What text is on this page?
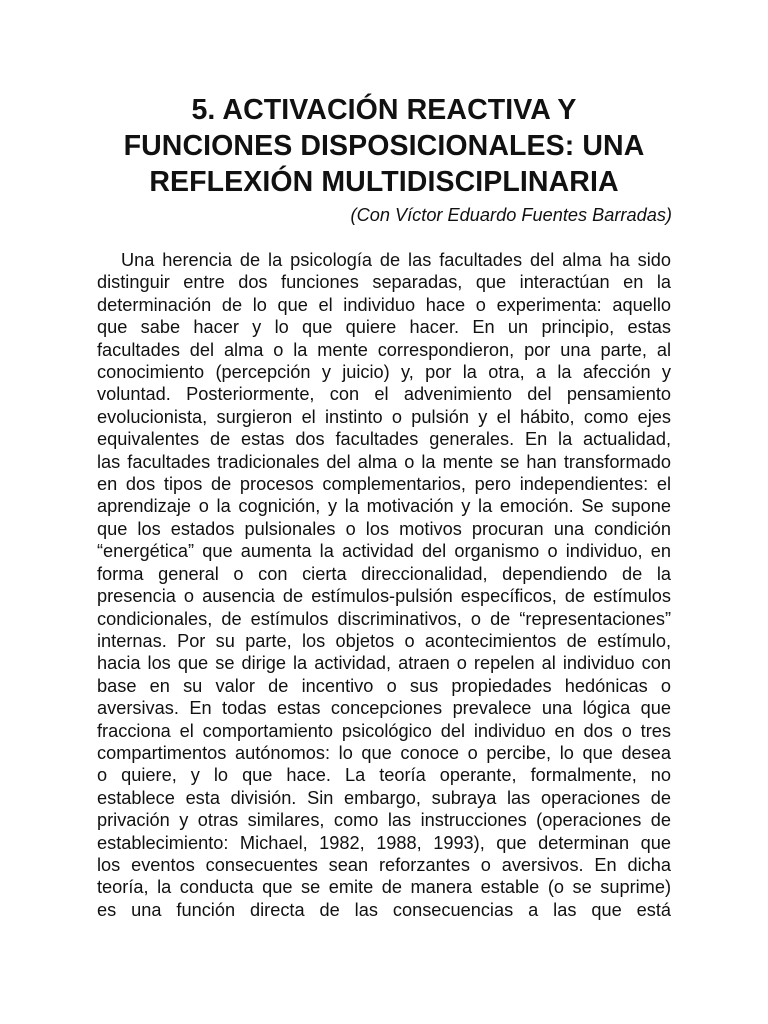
5. ACTIVACIÓN REACTIVA Y
FUNCIONES DISPOSICIONALES: UNA
REFLEXIÓN MULTIDISCIPLINARIA

(Con Víctor Eduardo Fuentes Barradas)

Una herencia de la psicología de las facultades del alma ha sido
distinguir entre dos funciones separadas, que interactúan en la
determinación de lo que el individuo hace o experimenta: aquello
que sabe hacer y lo que quiere hacer. En un principio, estas
facultades del alma o la mente correspondieron, por una parte, al
conocimiento (percepción y juicio) y, por la otra, a la afección y
voluntad. Posteriormente, con el advenimiento del pensamiento
evolucionista, surgieron el instinto o pulsión y el hábito, como ejes
equivalentes de estas dos facultades generales. En la actualidad,
las facultades tradicionales del alma o la mente se han transformado
en dos tipos de procesos complementarios, pero independientes: el
aprendizaje o la cognición, y la motivación y la emoción. Se supone
que los estados pulsionales o los motivos procuran una condición
“energética” que aumenta la actividad del organismo o individuo, en
forma general o con cierta direccionalidad, dependiendo de la
presencia o ausencia de estímulos-pulsión específicos, de estímulos
condicionales, de estímulos discriminativos, o de “representaciones”
internas. Por su parte, los objetos o acontecimientos de estímulo,
hacia los que se dirige la actividad, atraen o repelen al individuo con
base en su valor de incentivo o sus propiedades hedónicas o
aversivas. En todas estas concepciones prevalece una lógica que
fracciona el comportamiento psicológico del individuo en dos o tres
compartimentos autónomos: lo que conoce o percibe, lo que desea
o quiere, y lo que hace. La teoría operante, formalmente, no
establece esta división. Sin embargo, subraya las operaciones de
privación y otras similares, como las instrucciones (operaciones de
establecimiento: Michael, 1982, 1988, 1993), que determinan que
los eventos consecuentes sean reforzantes o aversivos. En dicha
teoría, la conducta que se emite de manera estable (o se suprime)
es una función directa de las consecuencias a las que está
